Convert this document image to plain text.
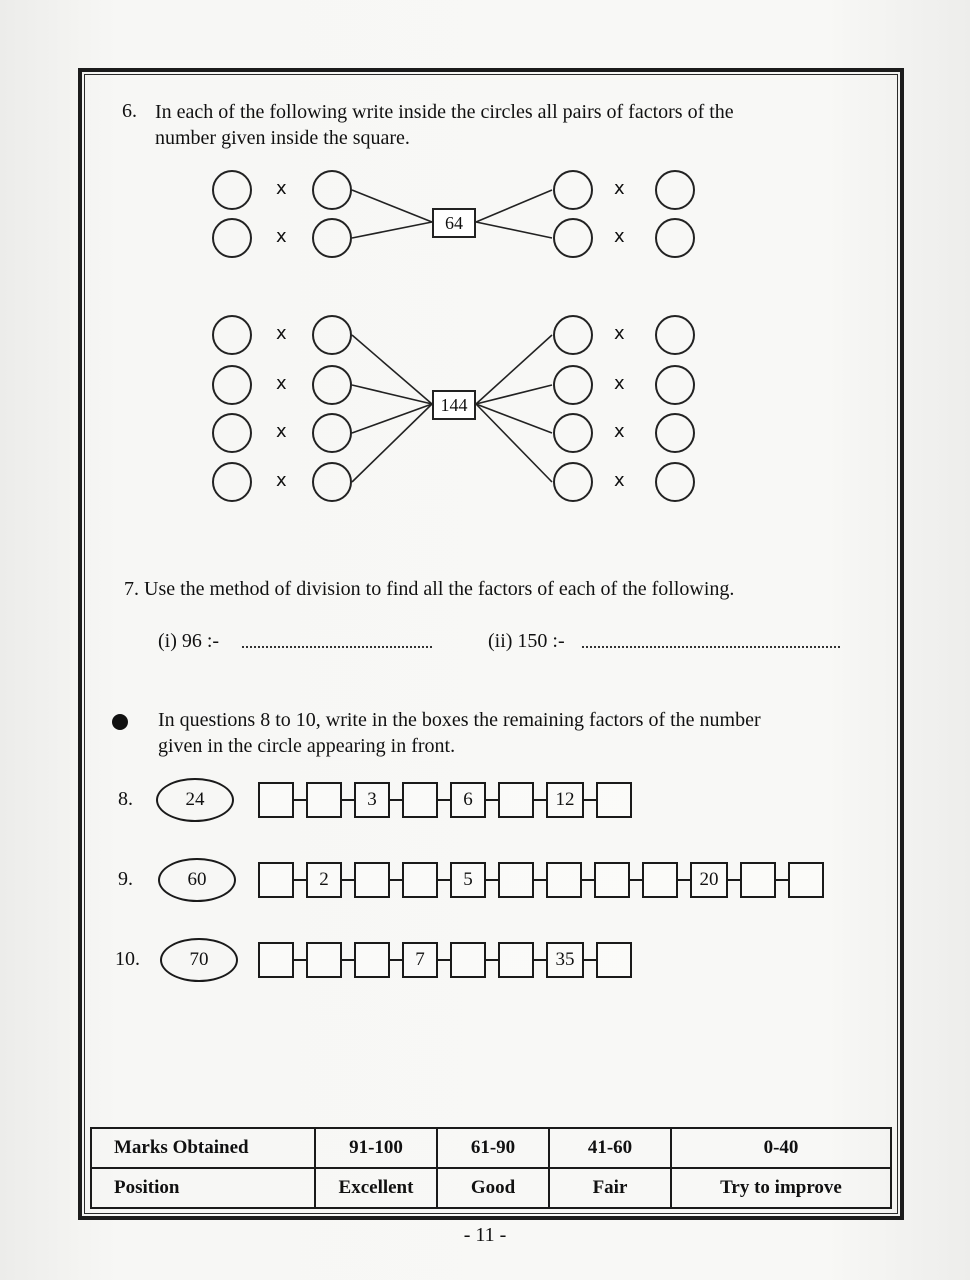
6. In each of the following write inside the circles all pairs of factors of the
number given inside the square.
x
x
64
x
x
x
x
x
x
144
x
x
x
x
7. Use the method of division to find all the factors of each of the following.
(i) 96 :-	(ii) 150 :-
In questions 8 to 10, write in the boxes the remaining factors of the number
given in the circle appearing in front.
8.	24	3	6	12
9.	60	2	5	20
10.	70	7	35
Marks Obtained	91-100	61-90	41-60	0-40
Position	Excellent	Good	Fair	Try to improve
- 11 -
